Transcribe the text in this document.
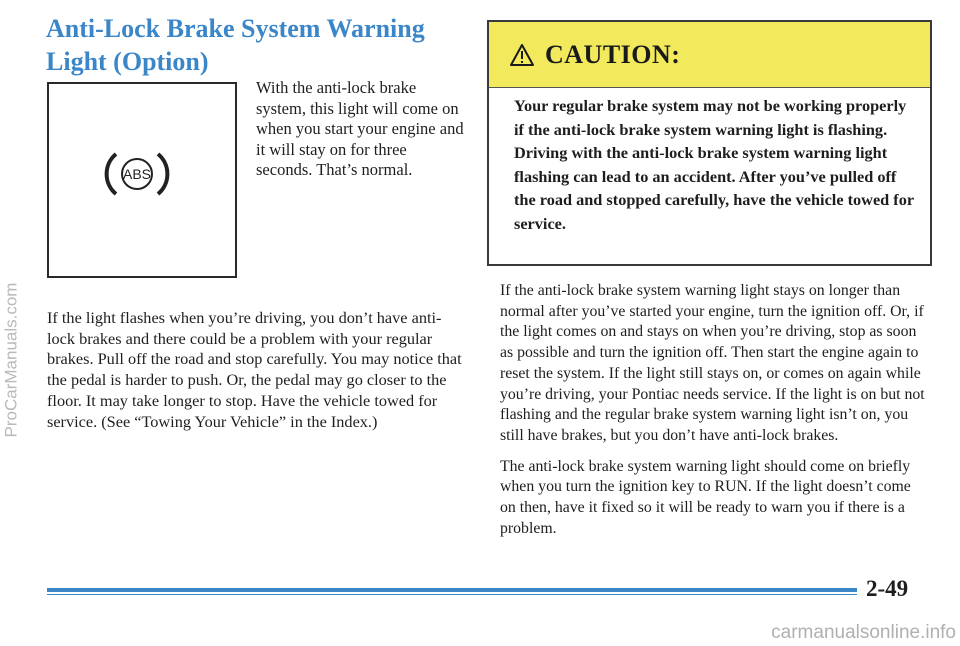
ProCarManuals.com
Anti-Lock Brake System Warning Light (Option)
ABS
With the anti-lock brake system, this light will come on when you start your engine and it will stay on for three seconds. That’s normal.
If the light flashes when you’re driving, you don’t have anti-lock brakes and there could be a problem with your regular brakes. Pull off the road and stop carefully. You may notice that the pedal is harder to push. Or, the pedal may go closer to the floor. It may take longer to stop. Have the vehicle towed for service. (See “Towing Your Vehicle” in the Index.)
CAUTION:
Your regular brake system may not be working properly if the anti-lock brake system warning light is flashing. Driving with the anti-lock brake system warning light flashing can lead to an accident. After you’ve pulled off the road and stopped carefully, have the vehicle towed for service.

If the anti-lock brake system warning light stays on longer than normal after you’ve started your engine, turn the ignition off. Or, if the light comes on and stays on when you’re driving, stop as soon as possible and turn the ignition off. Then start the engine again to reset the system. If the light still stays on, or comes on again while you’re driving, your Pontiac needs service. If the light is on but not flashing and the regular brake system warning light isn’t on, you still have brakes, but you don’t have anti-lock brakes.

The anti-lock brake system warning light should come on briefly when you turn the ignition key to RUN. If the light doesn’t come on then, have it fixed so it will be ready to warn you if there is a problem.

2-49
carmanualsonline.info
